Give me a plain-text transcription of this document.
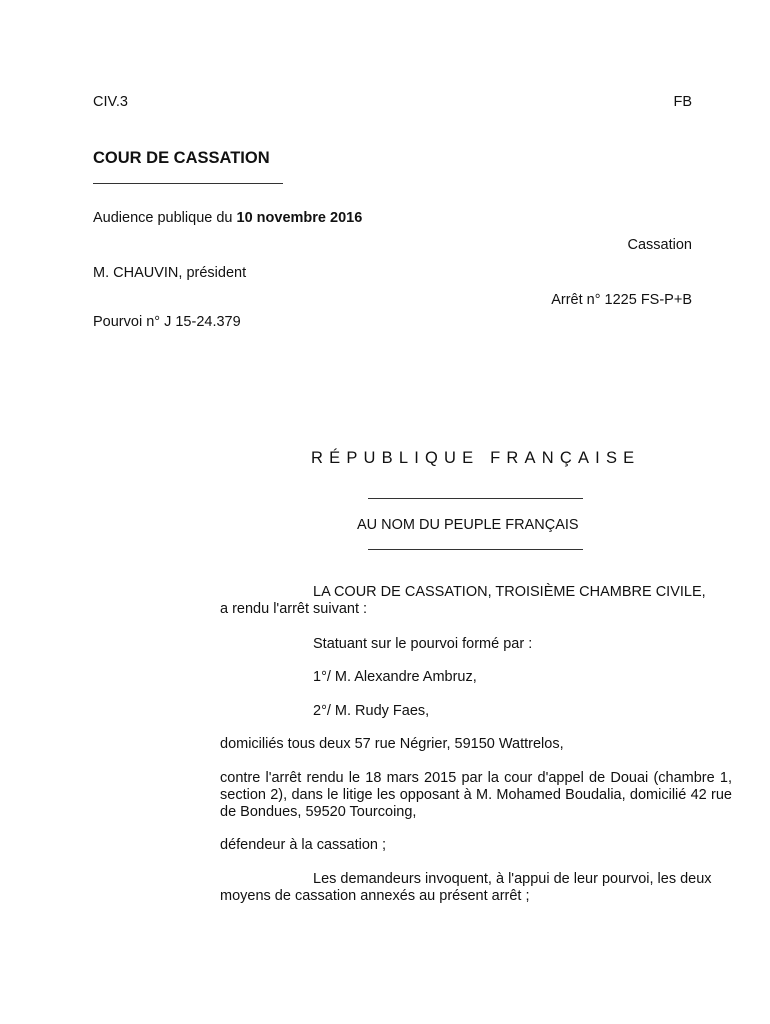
CIV.3	FB
COUR DE CASSATION
Audience publique du 10 novembre 2016
Cassation
M. CHAUVIN, président
Arrêt n° 1225 FS-P+B
Pourvoi n° J 15-24.379
RÉPUBLIQUE FRANÇAISE
AU NOM DU PEUPLE FRANÇAIS
LA COUR DE CASSATION, TROISIÈME CHAMBRE CIVILE,
a rendu l'arrêt suivant :
Statuant sur le pourvoi formé par :
1°/ M. Alexandre Ambruz,
2°/ M. Rudy Faes,
domiciliés tous deux 57 rue Négrier, 59150 Wattrelos,
contre l'arrêt rendu le 18 mars 2015 par la cour d'appel de Douai (chambre 1, section 2), dans le litige les opposant à M. Mohamed Boudalia, domicilié 42 rue de Bondues, 59520 Tourcoing,
défendeur à la cassation ;
Les demandeurs invoquent, à l'appui de leur pourvoi, les deux
moyens de cassation annexés au présent arrêt ;
